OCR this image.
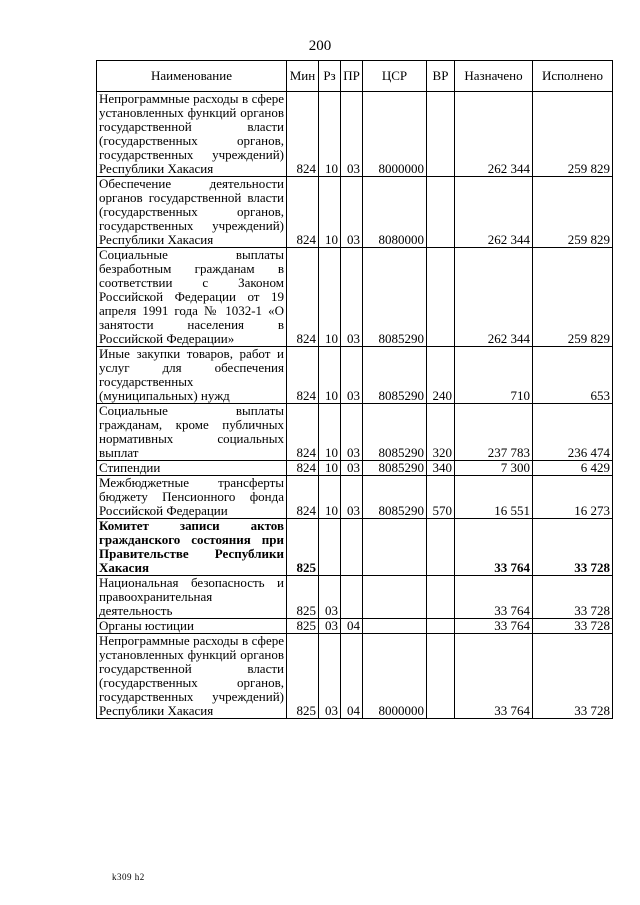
200
Наименование	Мин	Рз	ПР	ЦСР	ВР	Назначено	Исполнено
Непрограммные расходы в сфере установленных функций органов государственной власти (государственных органов, государственных учреждений) Республики Хакасия	824	10	03	8000000		262 344	259 829
Обеспечение деятельности органов государственной власти (государственных органов, государственных учреждений) Республики Хакасия	824	10	03	8080000		262 344	259 829
Социальные выплаты безработным гражданам в соответствии с Законом Российской Федерации от 19 апреля 1991 года № 1032-1 «О занятости населения в Российской Федерации»	824	10	03	8085290		262 344	259 829
Иные закупки товаров, работ и услуг для обеспечения государственных (муниципальных) нужд	824	10	03	8085290	240	710	653
Социальные выплаты гражданам, кроме публичных нормативных социальных выплат	824	10	03	8085290	320	237 783	236 474
Стипендии	824	10	03	8085290	340	7 300	6 429
Межбюджетные трансферты бюджету Пенсионного фонда Российской Федерации	824	10	03	8085290	570	16 551	16 273
Комитет записи актов гражданского состояния при Правительстве Республики Хакасия	825					33 764	33 728
Национальная безопасность и правоохранительная деятельность	825	03				33 764	33 728
Органы юстиции	825	03	04			33 764	33 728
Непрограммные расходы в сфере установленных функций органов государственной власти (государственных органов, государственных учреждений) Республики Хакасия	825	03	04	8000000		33 764	33 728
k309 h2
